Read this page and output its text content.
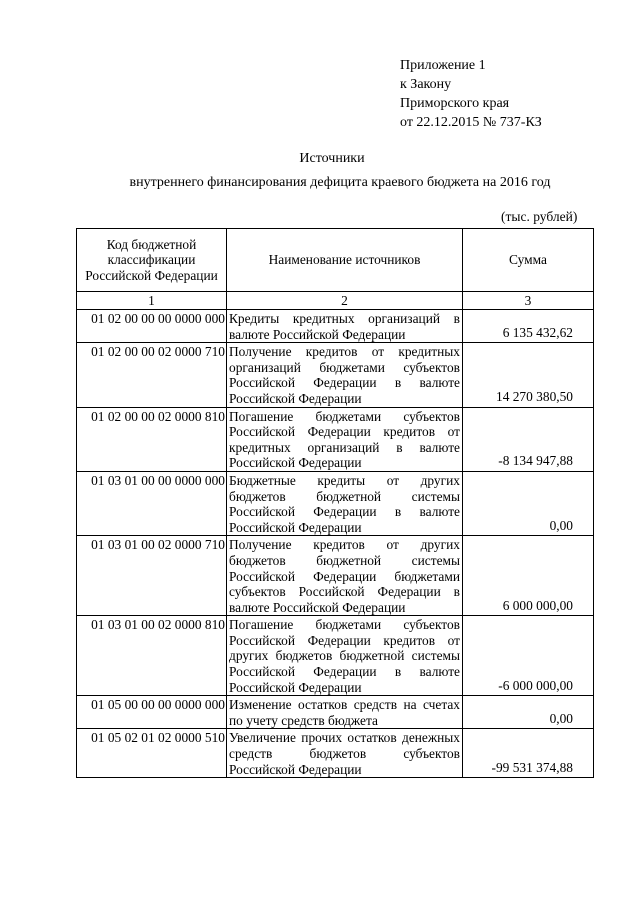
Приложение 1
к Закону
Приморского края
от 22.12.2015 № 737-КЗ
Источники
внутреннего финансирования дефицита краевого бюджета на 2016 год
(тыс. рублей)
Код бюджетной классификации Российской Федерации	Наименование источников	Сумма
1	2	3
01 02 00 00 00 0000 000	Кредиты кредитных организаций в валюте Российской Федерации	6 135 432,62
01 02 00 00 02 0000 710	Получение кредитов от кредитных организаций бюджетами субъектов Российской Федерации в валюте Российской Федерации	14 270 380,50
01 02 00 00 02 0000 810	Погашение бюджетами субъектов Российской Федерации кредитов от кредитных организаций в валюте Российской Федерации	-8 134 947,88
01 03 01 00 00 0000 000	Бюджетные кредиты от других бюджетов бюджетной системы Российской Федерации в валюте Российской Федерации	0,00
01 03 01 00 02 0000 710	Получение кредитов от других бюджетов бюджетной системы Российской Федерации бюджетами субъектов Российской Федерации в валюте Российской Федерации	6 000 000,00
01 03 01 00 02 0000 810	Погашение бюджетами субъектов Российской Федерации кредитов от других бюджетов бюджетной системы Российской Федерации в валюте Российской Федерации	-6 000 000,00
01 05 00 00 00 0000 000	Изменение остатков средств на счетах по учету средств бюджета	0,00
01 05 02 01 02 0000 510	Увеличение прочих остатков денежных средств бюджетов субъектов Российской Федерации	-99 531 374,88
